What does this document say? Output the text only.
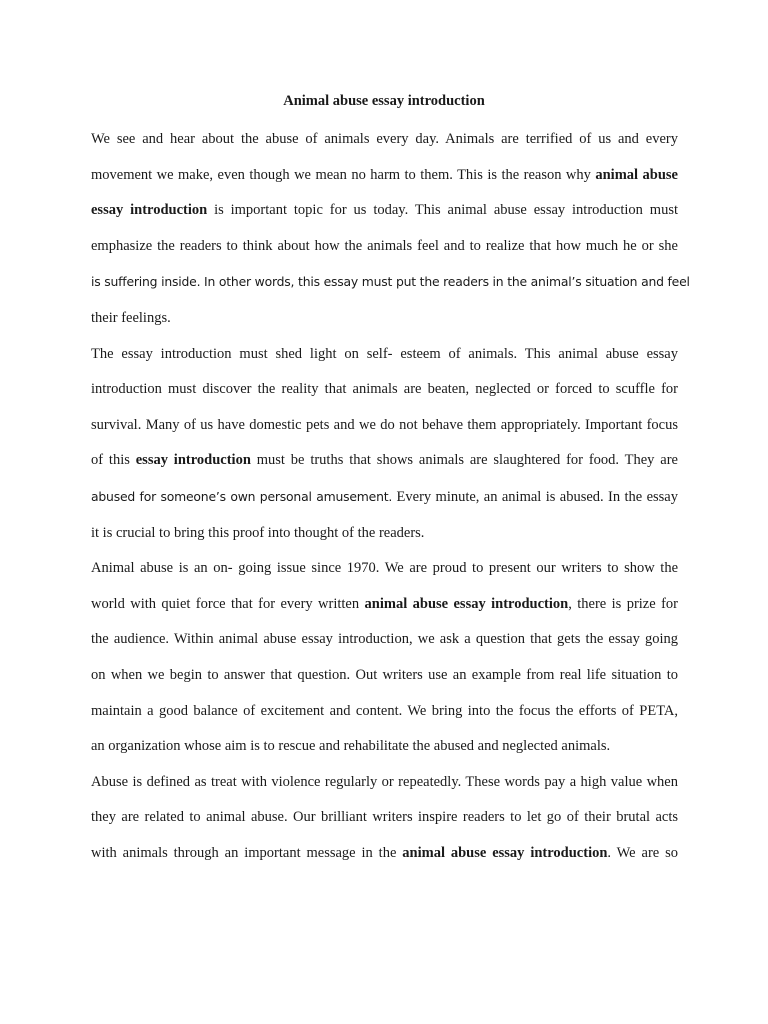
Animal abuse essay introduction
We see and hear about the abuse of animals every day. Animals are terrified of us and every
movement we make, even though we mean no harm to them. This is the reason why animal abuse
essay introduction is important topic for us today. This animal abuse essay introduction must
emphasize the readers to think about how the animals feel and to realize that how much he or she
is suffering inside. In other words, this essay must put the readers in the animal’s situation and feel
their feelings.
The essay introduction must shed light on self- esteem of animals. This animal abuse essay
introduction must discover the reality that animals are beaten, neglected or forced to scuffle for
survival. Many of us have domestic pets and we do not behave them appropriately. Important focus
of this essay introduction must be truths that shows animals are slaughtered for food. They are
abused for someone’s own personal amusement. Every minute, an animal is abused. In the essay
it is crucial to bring this proof into thought of the readers.
Animal abuse is an on- going issue since 1970. We are proud to present our writers to show the
world with quiet force that for every written animal abuse essay introduction, there is prize for
the audience. Within animal abuse essay introduction, we ask a question that gets the essay going
on when we begin to answer that question. Out writers use an example from real life situation to
maintain a good balance of excitement and content. We bring into the focus the efforts of PETA,
an organization whose aim is to rescue and rehabilitate the abused and neglected animals.
Abuse is defined as treat with violence regularly or repeatedly. These words pay a high value when
they are related to animal abuse. Our brilliant writers inspire readers to let go of their brutal acts
with animals through an important message in the animal abuse essay introduction. We are so
